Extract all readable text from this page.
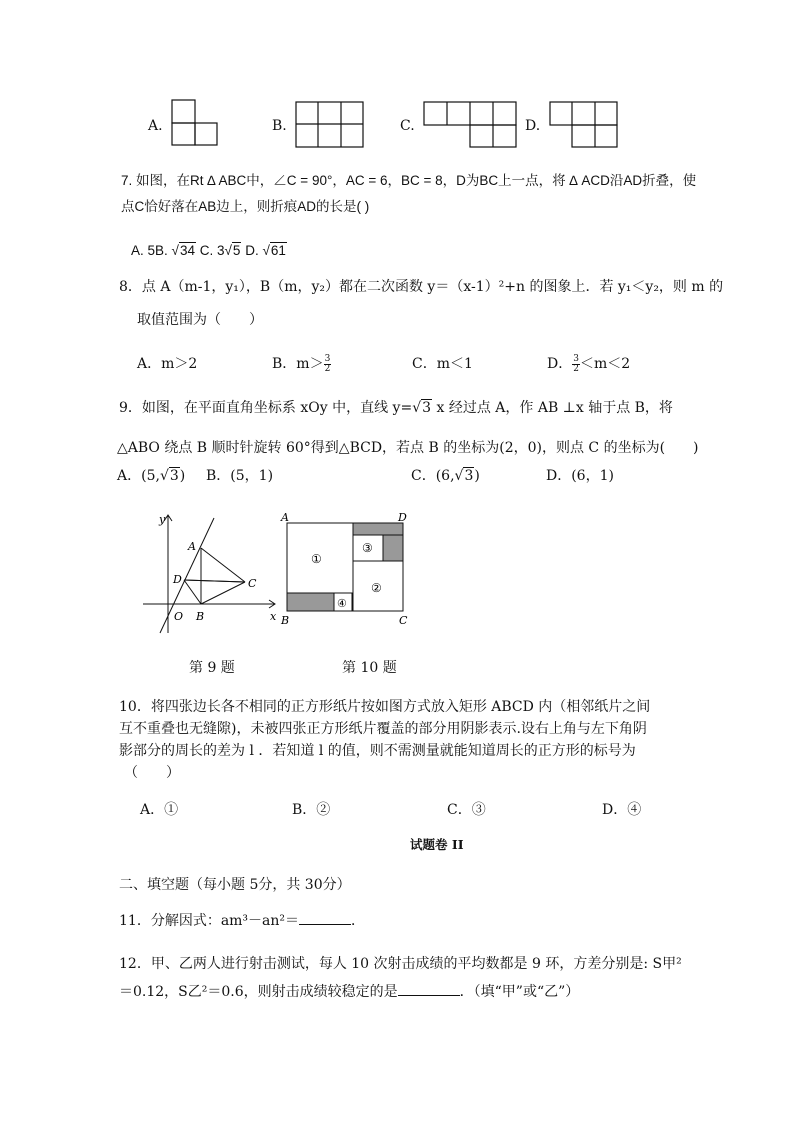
A.	B.	C.	D.
7. 如图，在Rt ∆ ABC中，∠C = 90°，AC = 6，BC = 8，D为BC上一点，将 ∆ ACD沿AD折叠，使
点C恰好落在AB边上，则折痕AD的长是( )
A. 5B. √34 C. 3√5 D. √61
8．点 A（m-1，y₁），B（m，y₂）都在二次函数 y＝（x-1）²+n 的图象上．若 y₁＜y₂，则 m 的
取值范围为（　　）
A．m＞2	B．$m> \frac{3}{2}$	C．m＜1	D． $\frac{3}{2} <m<2$
9．如图，在平面直角坐标系 xOy 中，直线 y=√3 x 经过点 A，作 AB ⊥x 轴于点 B，将
△ABO 绕点 B 顺时针旋转 60°得到△BCD，若点 B 的坐标为(2，0)，则点 C 的坐标为(　　)
A．(5,√3) B．(5，1)	C．(6,√3)	D．(6，1)
y
x
O
A
B
C
D
第 9 题
A	D
B	C
①
②
③
④
第 10 题
10．将四张边长各不相同的正方形纸片按如图方式放入矩形 ABCD 内（相邻纸片之间
互不重叠也无缝隙)，未被四张正方形纸片覆盖的部分用阴影表示.设右上角与左下角阴
影部分的周长的差为 l ．若知道 l 的值，则不需测量就能知道周长的正方形的标号为
（　　）
A．①	B．②	C．③	D．④
试题卷 II
二、填空题（每小题 5分，共 30分）
11．分解因式：am³－an²＝	．
12．甲、乙两人进行射击测试，每人 10 次射击成绩的平均数都是 9 环，方差分别是: S甲²
＝0.12，S乙²＝0.6，则射击成绩较稳定的是	．（填“甲”或“乙”）
